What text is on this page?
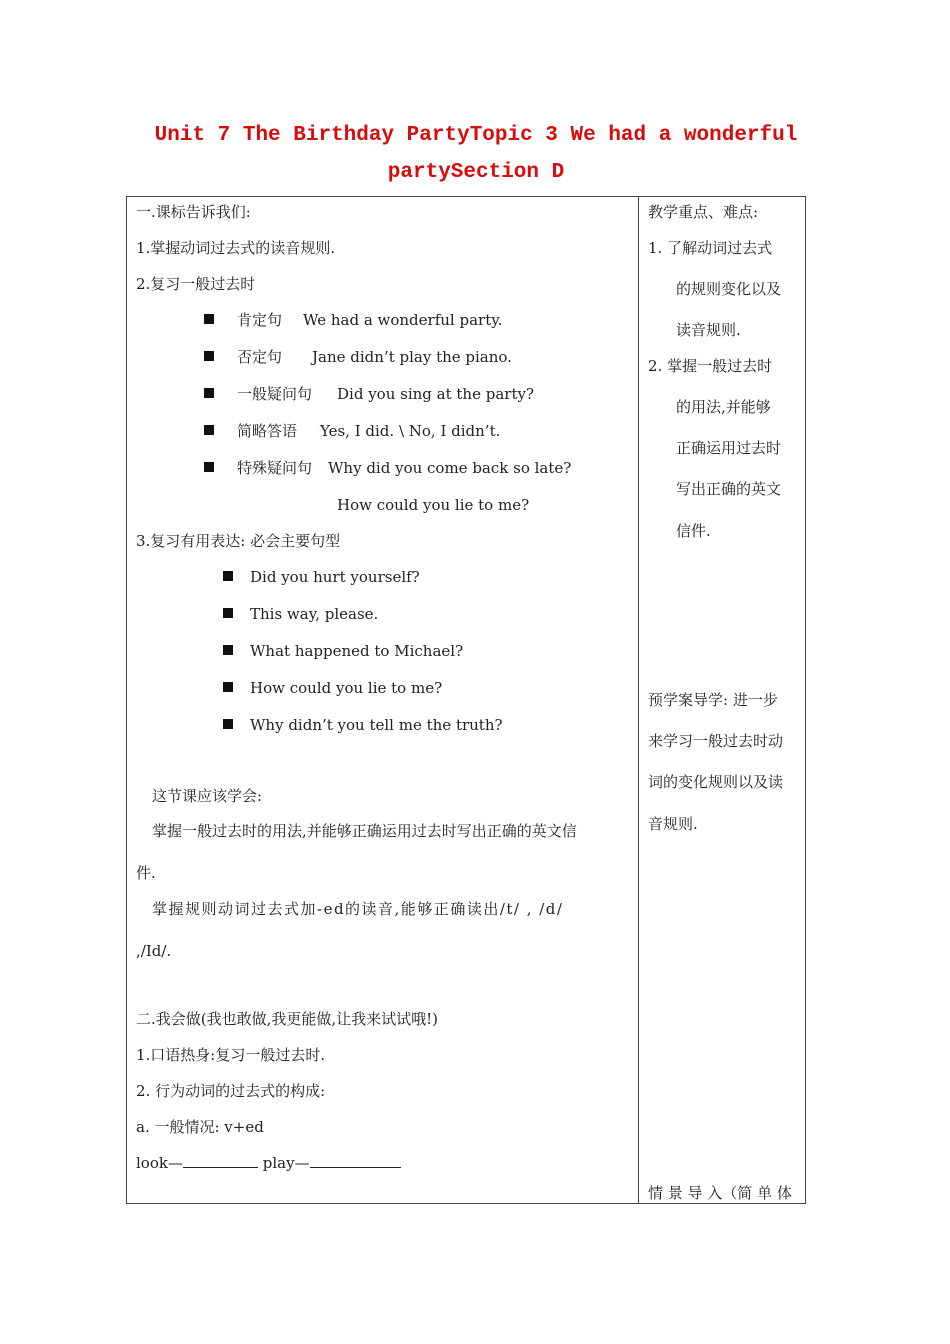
Unit 7 The Birthday PartyTopic 3 We had a wonderful
partySection D
一.课标告诉我们:
1.掌握动词过去式的读音规则.
2.复习一般过去时
肯定句 We had a wonderful party.
否定句 Jane didn’t play the piano.
一般疑问句 Did you sing at the party?
简略答语 Yes, I did. \ No, I didn’t.
特殊疑问句 Why did you come back so late?
How could you lie to me?
3.复习有用表达: 必会主要句型
Did you hurt yourself?
This way, please.
What happened to Michael?
How could you lie to me?
Why didn’t you tell me the truth?
这节课应该学会:
掌握一般过去时的用法,并能够正确运用过去时写出正确的英文信
件.
掌握规则动词过去式加-ed的读音,能够正确读出/t/ , /d/
,/Id/.
二.我会做(我也敢做,我更能做,让我来试试哦!)
1.口语热身:复习一般过去时.
2. 行为动词的过去式的构成:
a. 一般情况: v+ed
look—	play—
教学重点、难点:
1. 了解动词过去式
的规则变化以及
读音规则.
2. 掌握一般过去时
的用法,并能够
正确运用过去时
写出正确的英文
信件.
预学案导学: 进一步
来学习一般过去时动
词的变化规则以及读
音规则.
情 景 导 入（简 单 体
